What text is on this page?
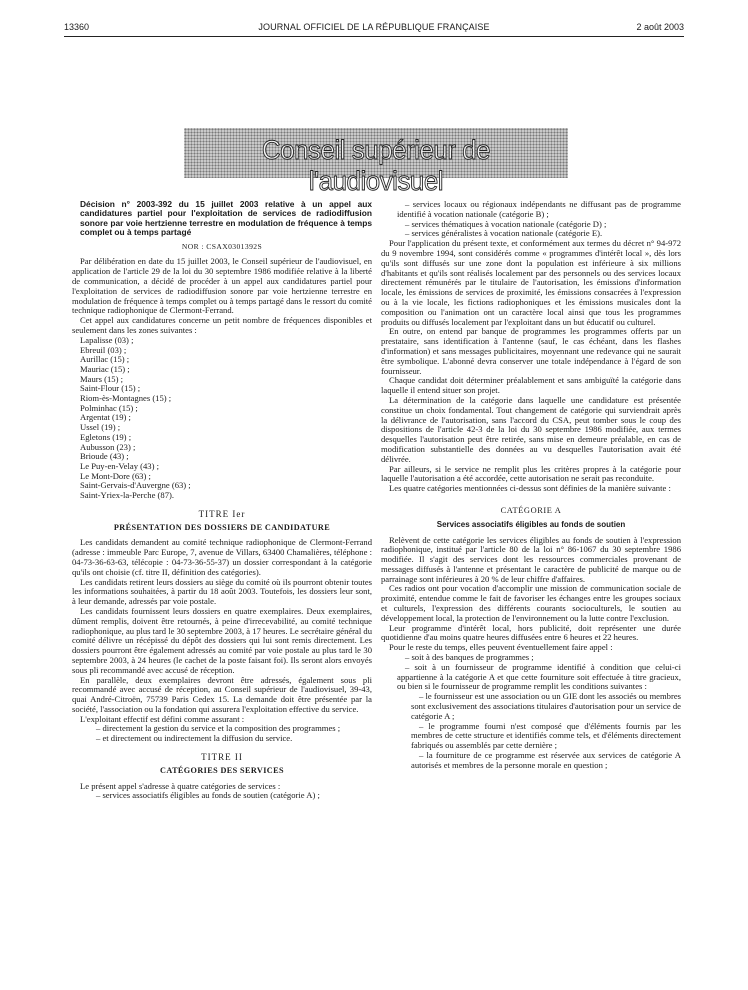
13360	JOURNAL OFFICIEL DE LA RÉPUBLIQUE FRANÇAISE	2 août 2003
Conseil supérieur de l'audiovisuel
Décision n° 2003-392 du 15 juillet 2003 relative à un appel aux candidatures partiel pour l'exploitation de services de radiodiffusion sonore par voie hertzienne terrestre en modulation de fréquence à temps complet ou à temps partagé
NOR : CSAX0301392S

Par délibération en date du 15 juillet 2003, le Conseil supérieur de l'audiovisuel, en application de l'article 29 de la loi du 30 septembre 1986 modifiée relative à la liberté de communication, a décidé de procéder à un appel aux candidatures partiel pour l'exploitation de services de radiodiffusion sonore par voie hertzienne terrestre en modulation de fréquence à temps complet ou à temps partagé dans le ressort du comité technique radiophonique de Clermont-Ferrand.

Cet appel aux candidatures concerne un petit nombre de fréquences disponibles et seulement dans les zones suivantes :

Lapalisse (03) ;
Ebreuil (03) ;
Aurillac (15) ;
Mauriac (15) ;
Maurs (15) ;
Saint-Flour (15) ;
Riom-ès-Montagnes (15) ;
Polminhac (15) ;
Argentat (19) ;
Ussel (19) ;
Egletons (19) ;
Aubusson (23) ;
Brioude (43) ;
Le Puy-en-Velay (43) ;
Le Mont-Dore (63) ;
Saint-Gervais-d'Auvergne (63) ;
Saint-Yriex-la-Perche (87).
TITRE Ier
PRÉSENTATION DES DOSSIERS DE CANDIDATURE

Les candidats demandent au comité technique radiophonique de Clermont-Ferrand (adresse : immeuble Parc Europe, 7, avenue de Villars, 63400 Chamalières, téléphone : 04-73-36-63-63, télécopie : 04-73-36-55-37) un dossier correspondant à la catégorie qu'ils ont choisie (cf. titre II, définition des catégories).

Les candidats retirent leurs dossiers au siège du comité où ils pourront obtenir toutes les informations souhaitées, à partir du 18 août 2003. Toutefois, les dossiers leur sont, à leur demande, adressés par voie postale.

Les candidats fournissent leurs dossiers en quatre exemplaires. Deux exemplaires, dûment remplis, doivent être retournés, à peine d'irrecevabilité, au comité technique radiophonique, au plus tard le 30 septembre 2003, à 17 heures. Le secrétaire général du comité délivre un récépissé du dépôt des dossiers qui lui sont remis directement. Les dossiers pourront être également adressés au comité par voie postale au plus tard le 30 septembre 2003, à 24 heures (le cachet de la poste faisant foi). Ils seront alors envoyés sous pli recommandé avec accusé de réception.

En parallèle, deux exemplaires devront être adressés, également sous pli recommandé avec accusé de réception, au Conseil supérieur de l'audiovisuel, 39-43, quai André-Citroën, 75739 Paris Cedex 15. La demande doit être présentée par la société, l'association ou la fondation qui assurera l'exploitation effective du service.

L'exploitant effectif est défini comme assurant :

– directement la gestion du service et la composition des programmes ;

– et directement ou indirectement la diffusion du service.

TITRE II
CATÉGORIES DES SERVICES

Le présent appel s'adresse à quatre catégories de services :

– services associatifs éligibles au fonds de soutien (catégorie A) ;

– services locaux ou régionaux indépendants ne diffusant pas de programme identifié à vocation nationale (catégorie B) ;

– services thématiques à vocation nationale (catégorie D) ;

– services généralistes à vocation nationale (catégorie E).

Pour l'application du présent texte, et conformément aux termes du décret n° 94-972 du 9 novembre 1994, sont considérés comme « programmes d'intérêt local », dès lors qu'ils sont diffusés sur une zone dont la population est inférieure à six millions d'habitants et qu'ils sont réalisés localement par des personnels ou des services locaux directement rémunérés par le titulaire de l'autorisation, les émissions d'information locale, les émissions de services de proximité, les émissions consacrées à l'expression ou à la vie locale, les fictions radiophoniques et les émissions musicales dont la composition ou l'animation ont un caractère local ainsi que tous les programmes produits ou diffusés localement par l'exploitant dans un but éducatif ou culturel.

En outre, on entend par banque de programmes les programmes offerts par un prestataire, sans identification à l'antenne (sauf, le cas échéant, dans les flashes d'information) et sans messages publicitaires, moyennant une redevance qui ne saurait être symbolique. L'abonné devra conserver une totale indépendance à l'égard de son fournisseur.

Chaque candidat doit déterminer préalablement et sans ambiguïté la catégorie dans laquelle il entend situer son projet.

La détermination de la catégorie dans laquelle une candidature est présentée constitue un choix fondamental. Tout changement de catégorie qui surviendrait après la délivrance de l'autorisation, sans l'accord du CSA, peut tomber sous le coup des dispositions de l'article 42-3 de la loi du 30 septembre 1986 modifiée, aux termes desquelles l'autorisation peut être retirée, sans mise en demeure préalable, en cas de modification substantielle des données au vu desquelles l'autorisation avait été délivrée.

Par ailleurs, si le service ne remplit plus les critères propres à la catégorie pour laquelle l'autorisation a été accordée, cette autorisation ne serait pas reconduite.

Les quatre catégories mentionnées ci-dessus sont définies de la manière suivante :

CATÉGORIE A
Services associatifs éligibles au fonds de soutien

Relèvent de cette catégorie les services éligibles au fonds de soutien à l'expression radiophonique, institué par l'article 80 de la loi n° 86-1067 du 30 septembre 1986 modifiée. Il s'agit des services dont les ressources commerciales provenant de messages diffusés à l'antenne et présentant le caractère de publicité de marque ou de parrainage sont inférieures à 20 % de leur chiffre d'affaires.

Ces radios ont pour vocation d'accomplir une mission de communication sociale de proximité, entendue comme le fait de favoriser les échanges entre les groupes sociaux et culturels, l'expression des différents courants socioculturels, le soutien au développement local, la protection de l'environnement ou la lutte contre l'exclusion.

Leur programme d'intérêt local, hors publicité, doit représenter une durée quotidienne d'au moins quatre heures diffusées entre 6 heures et 22 heures.

Pour le reste du temps, elles peuvent éventuellement faire appel :

– soit à des banques de programmes ;

– soit à un fournisseur de programme identifié à condition que celui-ci appartienne à la catégorie A et que cette fourniture soit effectuée à titre gracieux, ou bien si le fournisseur de programme remplit les conditions suivantes :

– le fournisseur est une association ou un GIE dont les associés ou membres sont exclusivement des associations titulaires d'autorisation pour un service de catégorie A ;

– le programme fourni n'est composé que d'éléments fournis par les membres de cette structure et identifiés comme tels, et d'éléments directement fabriqués ou assemblés par cette dernière ;

– la fourniture de ce programme est réservée aux services de catégorie A autorisés et membres de la personne morale en question ;
